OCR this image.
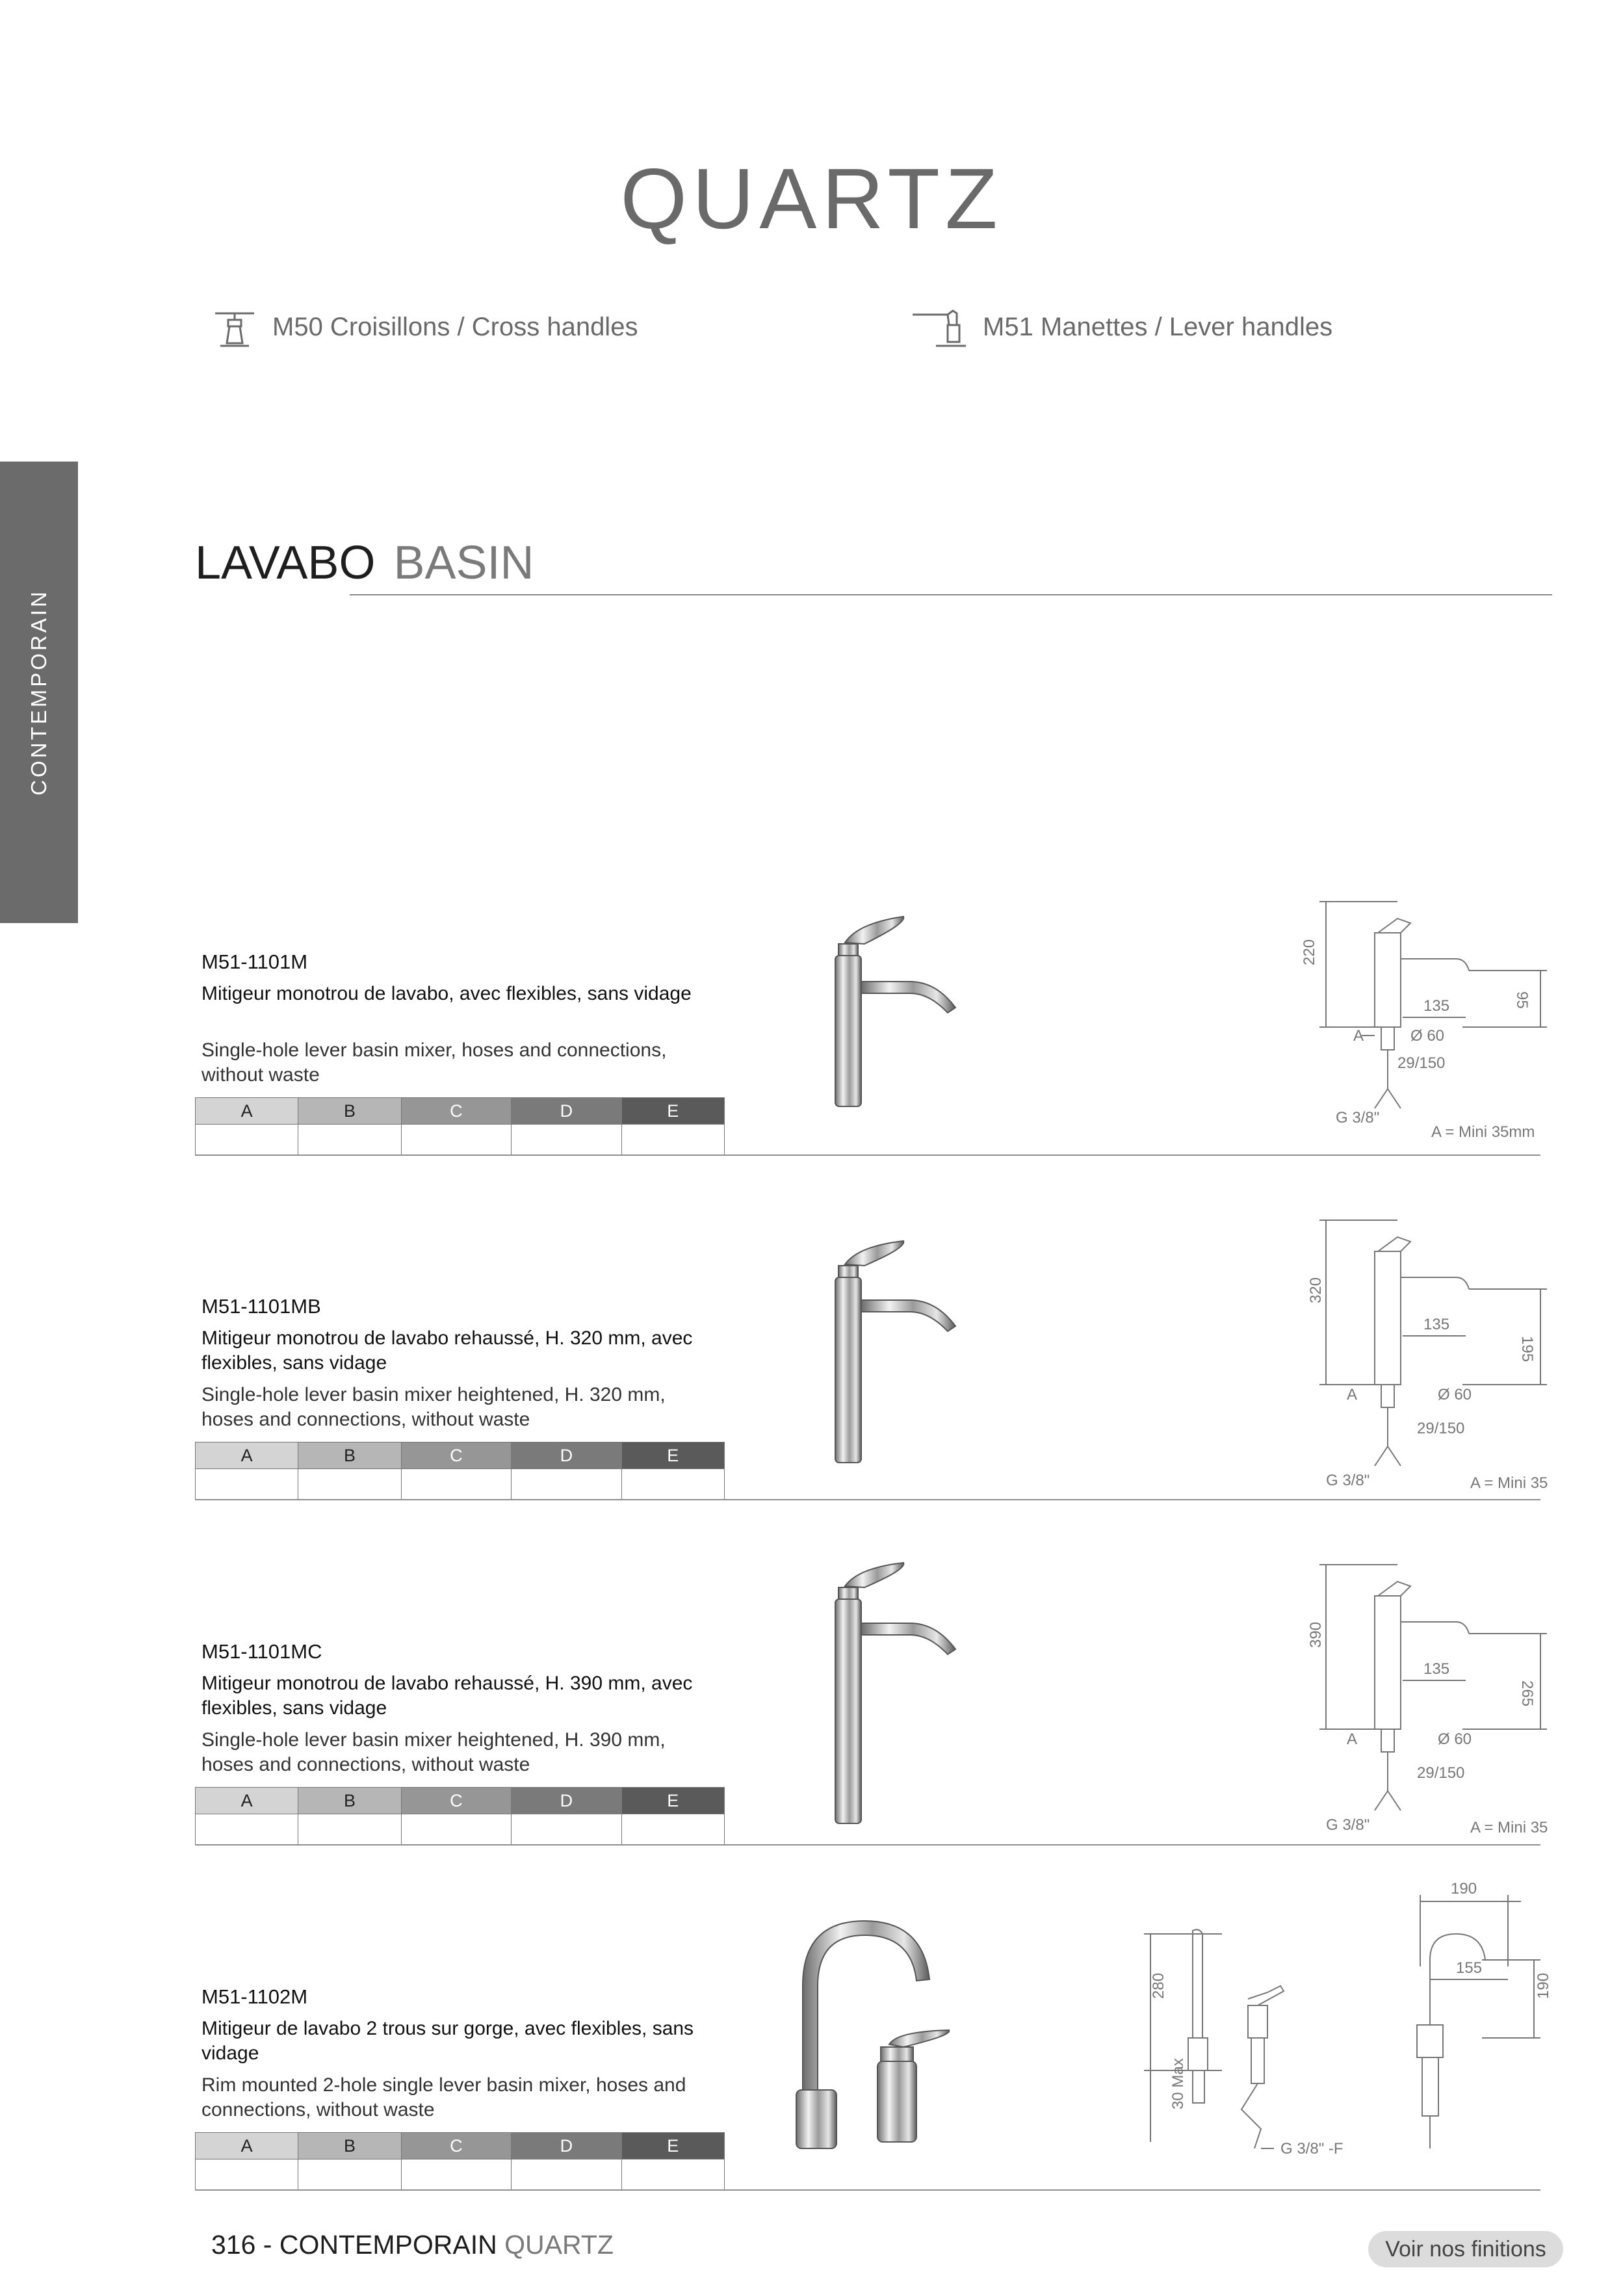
QUARTZ
M50 Croisillons / Cross handles	M51 Manettes / Lever handles
CONTEMPORAIN
LAVABO BASIN
M51-1101M
Mitigeur monotrou de lavabo, avec flexibles, sans vidage
Single-hole lever basin mixer, hoses and connections, without waste
A	B	C	D	E

220
135	95
A	Ø 60
29/150
G 3/8"
A = Mini 35mm
M51-1101MB
Mitigeur monotrou de lavabo rehaussé, H. 320 mm, avec flexibles, sans vidage
Single-hole lever basin mixer heightened, H. 320 mm, hoses and connections, without waste
A	B	C	D	E

320
135
195
A	Ø 60
29/150
G 3/8"	A = Mini 35
M51-1101MC
Mitigeur monotrou de lavabo rehaussé, H. 390 mm, avec flexibles, sans vidage
Single-hole lever basin mixer heightened, H. 390 mm, hoses and connections, without waste
A	B	C	D	E

390
135
265
A	Ø 60
29/150
G 3/8"	A = Mini 35
M51-1102M
Mitigeur de lavabo 2 trous sur gorge, avec flexibles, sans vidage
Rim mounted 2-hole single lever basin mixer, hoses and connections, without waste
A	B	C	D	E

280
30 Max
190
155
190
G 3/8" -F
316 - CONTEMPORAIN QUARTZ	Voir nos finitions
